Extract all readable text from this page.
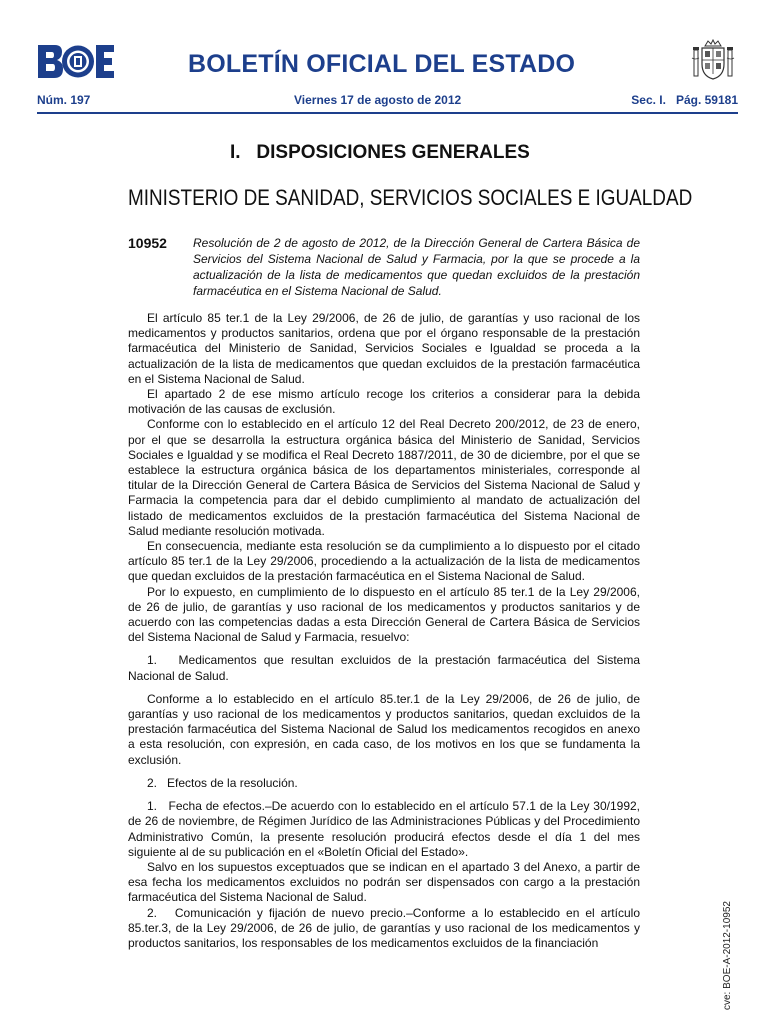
BOLETÍN OFICIAL DEL ESTADO
Núm. 197	Viernes 17 de agosto de 2012	Sec. I.   Pág. 59181
I.   DISPOSICIONES GENERALES
MINISTERIO DE SANIDAD, SERVICIOS SOCIALES E IGUALDAD
10952 Resolución de 2 de agosto de 2012, de la Dirección General de Cartera Básica de Servicios del Sistema Nacional de Salud y Farmacia, por la que se procede a la actualización de la lista de medicamentos que quedan excluidos de la prestación farmacéutica en el Sistema Nacional de Salud.

El artículo 85 ter.1 de la Ley 29/2006, de 26 de julio, de garantías y uso racional de los medicamentos y productos sanitarios, ordena que por el órgano responsable de la prestación farmacéutica del Ministerio de Sanidad, Servicios Sociales e Igualdad se proceda a la actualización de la lista de medicamentos que quedan excluidos de la prestación farmacéutica en el Sistema Nacional de Salud.

El apartado 2 de ese mismo artículo recoge los criterios a considerar para la debida motivación de las causas de exclusión.

Conforme con lo establecido en el artículo 12 del Real Decreto 200/2012, de 23 de enero, por el que se desarrolla la estructura orgánica básica del Ministerio de Sanidad, Servicios Sociales e Igualdad y se modifica el Real Decreto 1887/2011, de 30 de diciembre, por el que se establece la estructura orgánica básica de los departamentos ministeriales, corresponde al titular de la Dirección General de Cartera Básica de Servicios del Sistema Nacional de Salud y Farmacia la competencia para dar el debido cumplimiento al mandato de actualización del listado de medicamentos excluidos de la prestación farmacéutica del Sistema Nacional de Salud mediante resolución motivada.

En consecuencia, mediante esta resolución se da cumplimiento a lo dispuesto por el citado artículo 85 ter.1 de la Ley 29/2006, procediendo a la actualización de la lista de medicamentos que quedan excluidos de la prestación farmacéutica en el Sistema Nacional de Salud.

Por lo expuesto, en cumplimiento de lo dispuesto en el artículo 85 ter.1 de la Ley 29/2006, de 26 de julio, de garantías y uso racional de los medicamentos y productos sanitarios y de acuerdo con las competencias dadas a esta Dirección General de Cartera Básica de Servicios del Sistema Nacional de Salud y Farmacia, resuelvo:

1.   Medicamentos que resultan excluidos de la prestación farmacéutica del Sistema Nacional de Salud.

Conforme a lo establecido en el artículo 85.ter.1 de la Ley 29/2006, de 26 de julio, de garantías y uso racional de los medicamentos y productos sanitarios, quedan excluidos de la prestación farmacéutica del Sistema Nacional de Salud los medicamentos recogidos en anexo a esta resolución, con expresión, en cada caso, de los motivos en los que se fundamenta la exclusión.

2.   Efectos de la resolución.

1.   Fecha de efectos.–De acuerdo con lo establecido en el artículo 57.1 de la Ley 30/1992, de 26 de noviembre, de Régimen Jurídico de las Administraciones Públicas y del Procedimiento Administrativo Común, la presente resolución producirá efectos desde el día 1 del mes siguiente al de su publicación en el «Boletín Oficial del Estado».

Salvo en los supuestos exceptuados que se indican en el apartado 3 del Anexo, a partir de esa fecha los medicamentos excluidos no podrán ser dispensados con cargo a la prestación farmacéutica del Sistema Nacional de Salud.

2.   Comunicación y fijación de nuevo precio.–Conforme a lo establecido en el artículo 85.ter.3, de la Ley 29/2006, de 26 de julio, de garantías y uso racional de los medicamentos y productos sanitarios, los responsables de los medicamentos excluidos de la financiación	cve: BOE-A-2012-10952
